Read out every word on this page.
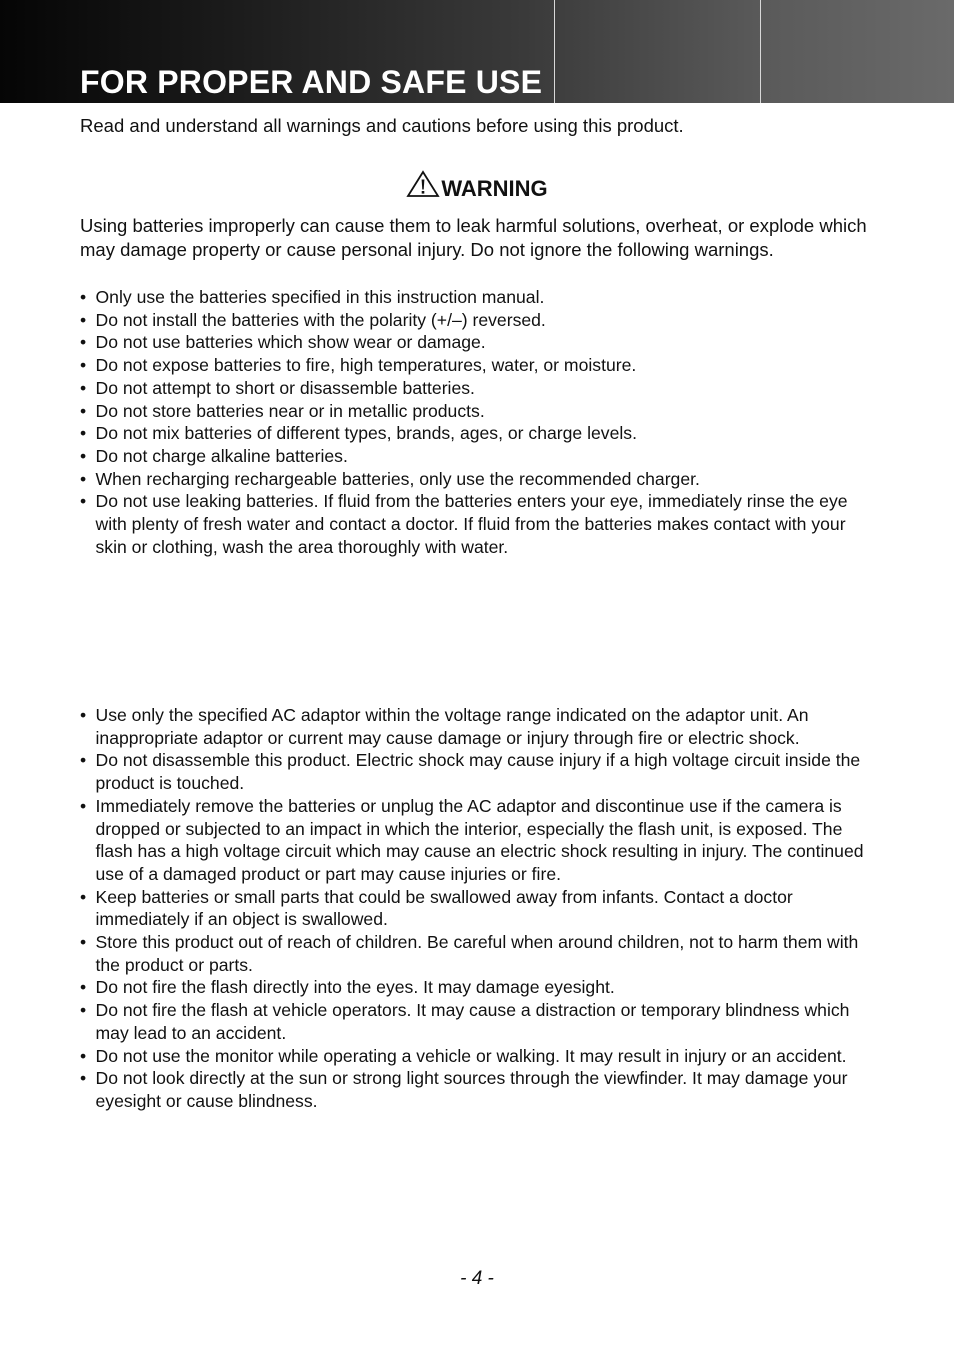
FOR PROPER AND SAFE USE

Read and understand all warnings and cautions before using this product.

WARNING

Using batteries improperly can cause them to leak harmful solutions, overheat, or explode which may damage property or cause personal injury. Do not ignore the following warnings.

• Only use the batteries specified in this instruction manual.
• Do not install the batteries with the polarity (+/–) reversed.
• Do not use batteries which show wear or damage.
• Do not expose batteries to fire, high temperatures, water, or moisture.
• Do not attempt to short or disassemble batteries.
• Do not store batteries near or in metallic products.
• Do not mix batteries of different types, brands, ages, or charge levels.
• Do not charge alkaline batteries.
• When recharging rechargeable batteries, only use the recommended charger.
• Do not use leaking batteries. If fluid from the batteries enters your eye, immediately rinse the eye with plenty of fresh water and contact a doctor. If fluid from the batteries makes contact with your skin or clothing, wash the area thoroughly with water.
• Use only the specified AC adaptor within the voltage range indicated on the adaptor unit. An inappropriate adaptor or current may cause damage or injury through fire or electric shock.
• Do not disassemble this product. Electric shock may cause injury if a high voltage circuit inside the product is touched.
• Immediately remove the batteries or unplug the AC adaptor and discontinue use if the camera is dropped or subjected to an impact in which the interior, especially the flash unit, is exposed. The flash has a high voltage circuit which may cause an electric shock resulting in injury. The continued use of a damaged product or part may cause injuries or fire.
• Keep batteries or small parts that could be swallowed away from infants. Contact a doctor immediately if an object is swallowed.
• Store this product out of reach of children. Be careful when around children, not to harm them with the product or parts.
• Do not fire the flash directly into the eyes. It may damage eyesight.
• Do not fire the flash at vehicle operators. It may cause a distraction or temporary blindness which may lead to an accident.
• Do not use the monitor while operating a vehicle or walking. It may result in injury or an accident.
• Do not look directly at the sun or strong light sources through the viewfinder. It may damage your eyesight or cause blindness.
- 4 -
